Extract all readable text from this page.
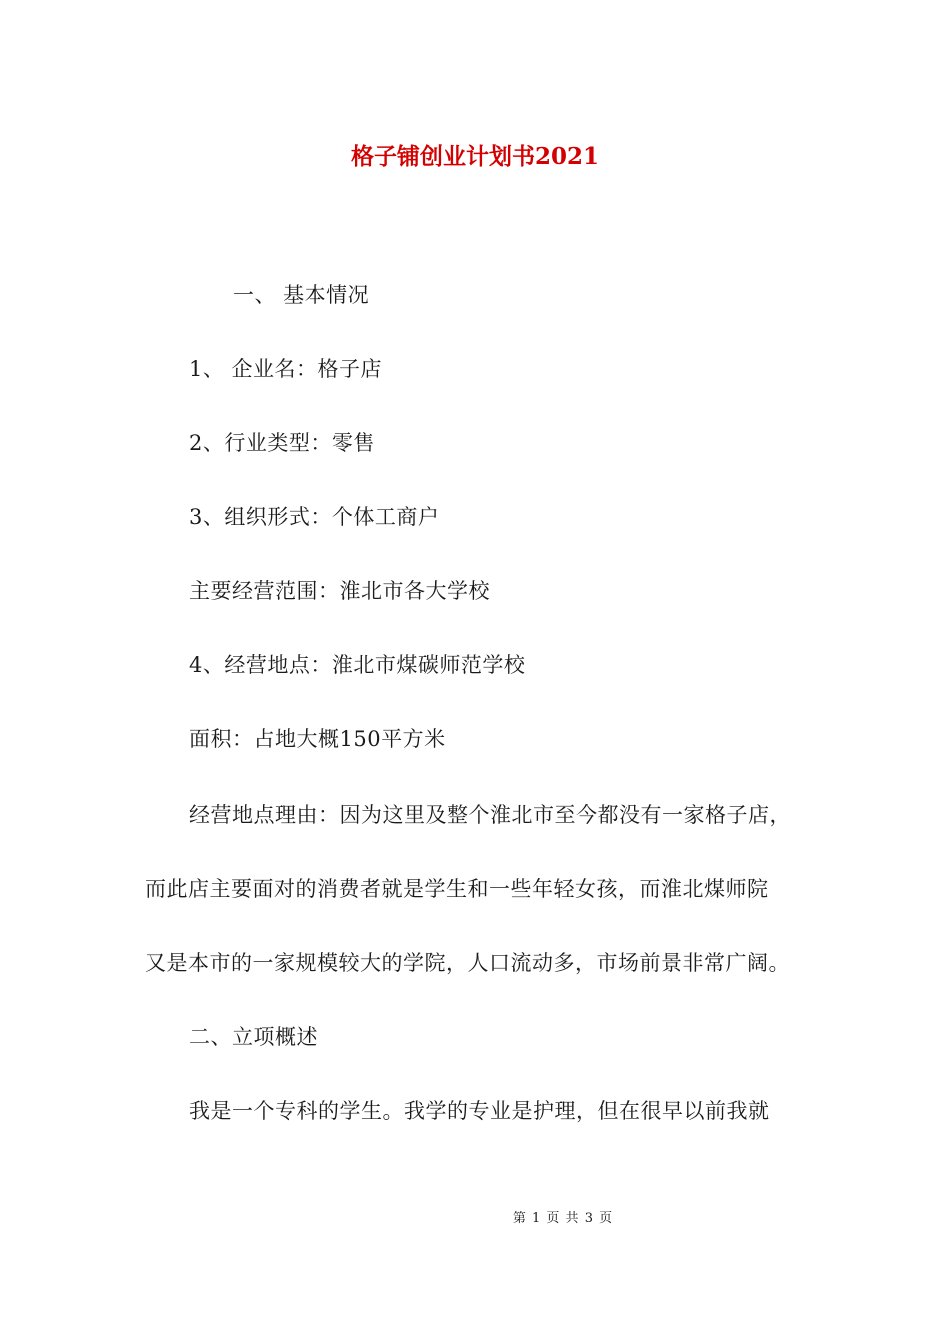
格子铺创业计划书2021
一、 基本情况
1、 企业名：格子店
2、行业类型：零售
3、组织形式：个体工商户
主要经营范围：淮北市各大学校
4、经营地点：淮北市煤碳师范学校
面积：占地大概150平方米
经营地点理由：因为这里及整个淮北市至今都没有一家格子店，
而此店主要面对的消费者就是学生和一些年轻女孩，而淮北煤师院
又是本市的一家规模较大的学院，人口流动多，市场前景非常广阔。
二、立项概述
我是一个专科的学生。我学的专业是护理，但在很早以前我就
第 1 页 共 3 页
